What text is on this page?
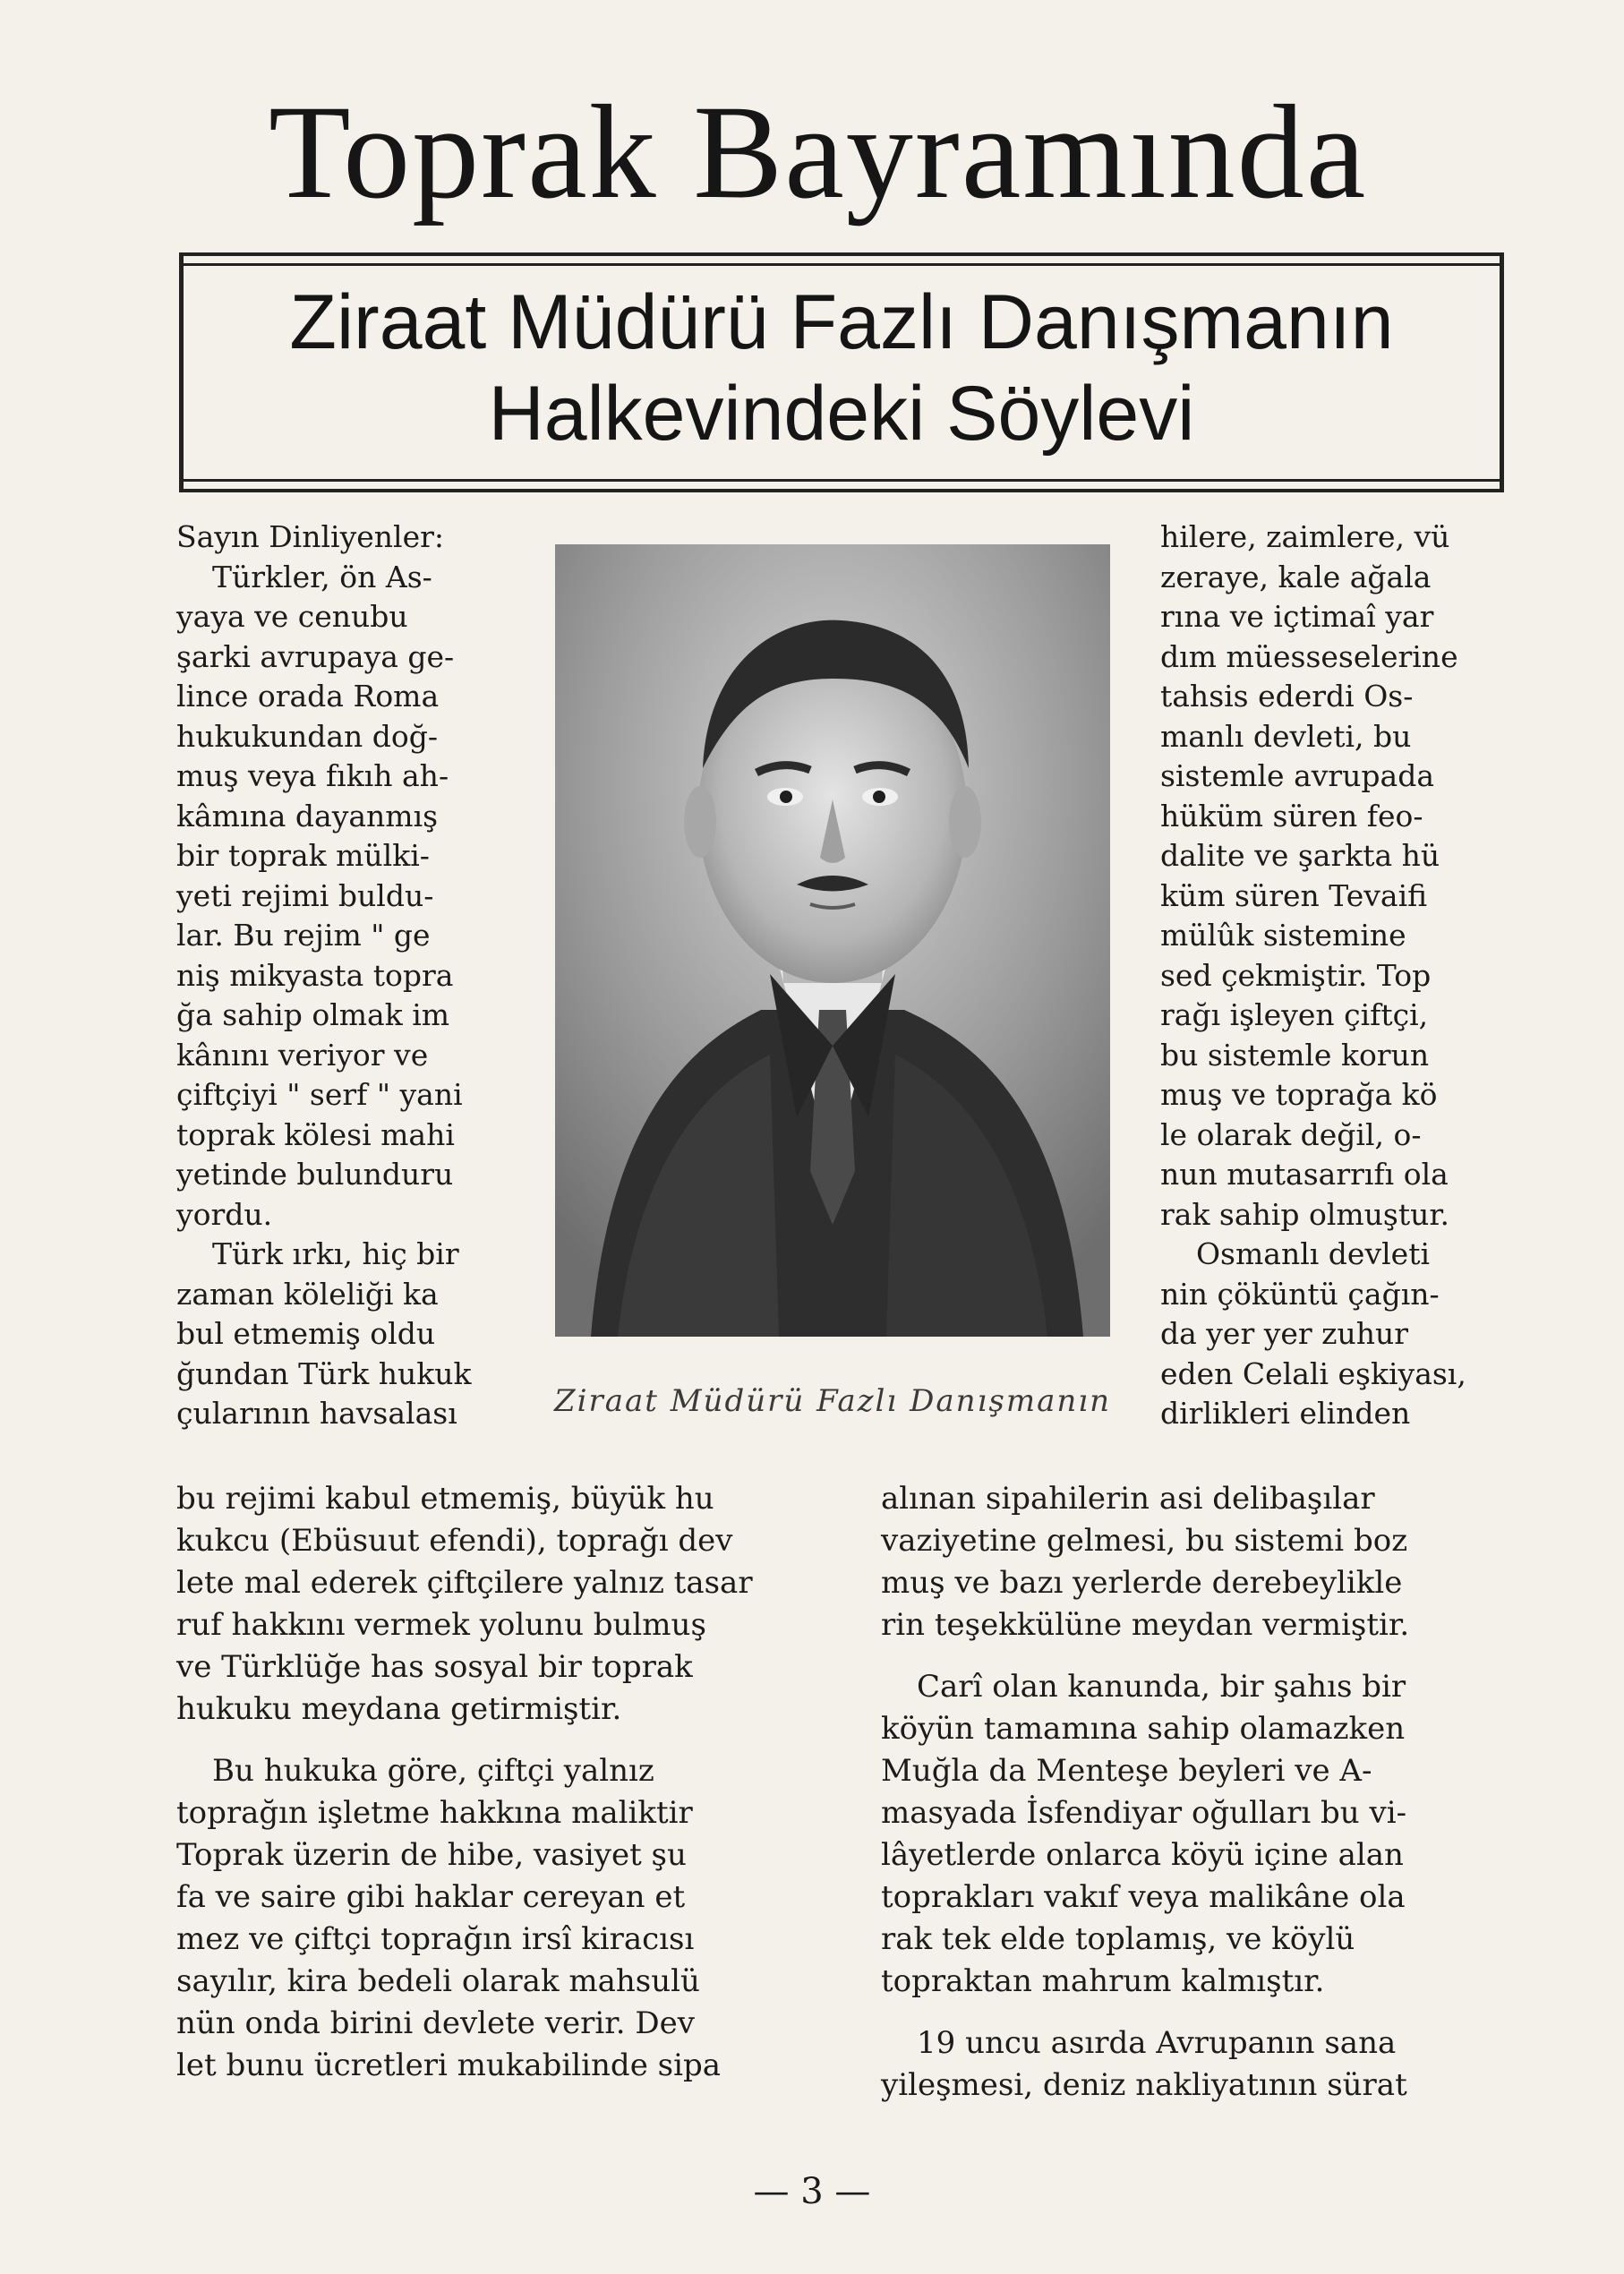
Toprak Bayramında
Ziraat Müdürü Fazlı Danışmanın
Halkevindeki Söylevi
Sayın Dinliyenler:
Türkler, ön As-
yaya ve cenubu
şarki avrupaya ge-
lince orada Roma
hukukundan doğ-
muş veya fıkıh ah-
kâmına dayanmış
bir toprak mülki-
yeti rejimi buldu-
lar. Bu rejim " ge
niş mikyasta topra
ğa sahip olmak im
kânını veriyor ve
çiftçiyi " serf " yani
toprak kölesi mahi
yetinde bulunduru
yordu.
Türk ırkı, hiç bir
zaman köleliği ka
bul etmemiş oldu
ğundan Türk hukuk
çularının havsalası	Ziraat Müdürü Fazlı Danışmanın
hilere, zaimlere, vü
zeraye, kale ağala
rına ve içtimaî yar
dım müesseselerine
tahsis ederdi Os-
manlı devleti, bu
sistemle avrupada
hüküm süren feo-
dalite ve şarkta hü
küm süren Tevaifi
mülûk sistemine
sed çekmiştir. Top
rağı işleyen çiftçi,
bu sistemle korun
muş ve toprağa kö
le olarak değil, o-
nun mutasarrıfı ola
rak sahip olmuştur.
Osmanlı devleti
nin çöküntü çağın-
da yer yer zuhur
eden Celali eşkiyası,
dirlikleri elinden
bu rejimi kabul etmemiş, büyük hu
kukcu (Ebüsuut efendi), toprağı dev
lete mal ederek çiftçilere yalnız tasar
ruf hakkını vermek yolunu bulmuş
ve Türklüğe has sosyal bir toprak
hukuku meydana getirmiştir.
Bu hukuka göre, çiftçi yalnız
toprağın işletme hakkına maliktir
Toprak üzerin de hibe, vasiyet şu
fa ve saire gibi haklar cereyan et
mez ve çiftçi toprağın irsî kiracısı
sayılır, kira bedeli olarak mahsulü
nün onda birini devlete verir. Dev
let bunu ücretleri mukabilinde sipa
alınan sipahilerin asi delibaşılar
vaziyetine gelmesi, bu sistemi boz
muş ve bazı yerlerde derebeylikle
rin teşekkülüne meydan vermiştir.
Carî olan kanunda, bir şahıs bir
köyün tamamına sahip olamazken
Muğla da Menteşe beyleri ve A-
masyada İsfendiyar oğulları bu vi-
lâyetlerde onlarca köyü içine alan
toprakları vakıf veya malikâne ola
rak tek elde toplamış, ve köylü
topraktan mahrum kalmıştır.
19 uncu asırda Avrupanın sana
yileşmesi, deniz nakliyatının sürat
— 3 —
